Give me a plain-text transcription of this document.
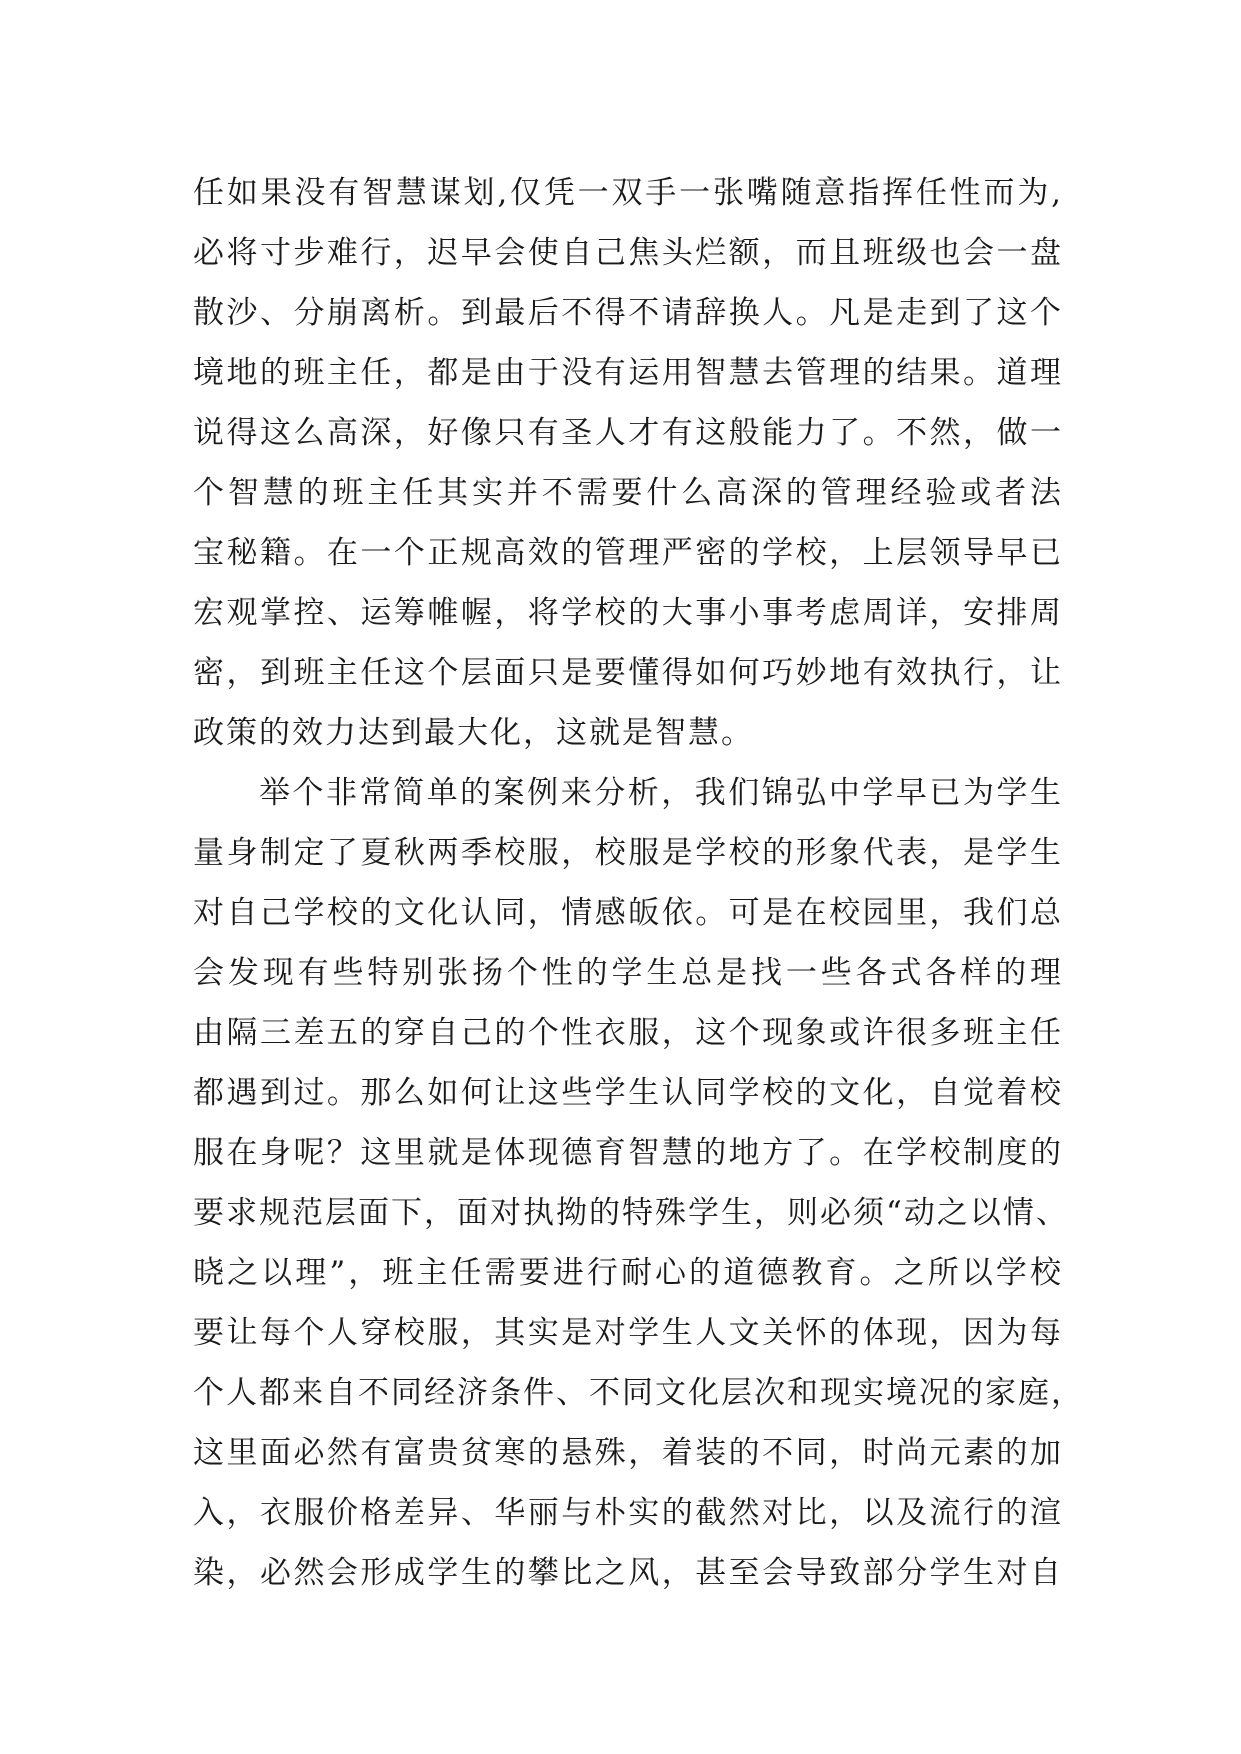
任如果没有智慧谋划,仅凭一双手一张嘴随意指挥任性而为,
必将寸步难行，迟早会使自己焦头烂额，而且班级也会一盘
散沙、分崩离析。到最后不得不请辞换人。凡是走到了这个
境地的班主任，都是由于没有运用智慧去管理的结果。道理
说得这么高深，好像只有圣人才有这般能力了。不然，做一
个智慧的班主任其实并不需要什么高深的管理经验或者法
宝秘籍。在一个正规高效的管理严密的学校，上层领导早已
宏观掌控、运筹帷幄，将学校的大事小事考虑周详，安排周
密，到班主任这个层面只是要懂得如何巧妙地有效执行，让
政策的效力达到最大化，这就是智慧。
举个非常简单的案例来分析，我们锦弘中学早已为学生
量身制定了夏秋两季校服，校服是学校的形象代表，是学生
对自己学校的文化认同，情感皈依。可是在校园里，我们总
会发现有些特别张扬个性的学生总是找一些各式各样的理
由隔三差五的穿自己的个性衣服，这个现象或许很多班主任
都遇到过。那么如何让这些学生认同学校的文化，自觉着校
服在身呢？这里就是体现德育智慧的地方了。在学校制度的
要求规范层面下，面对执拗的特殊学生，则必须“动之以情、
晓之以理”，班主任需要进行耐心的道德教育。之所以学校
要让每个人穿校服，其实是对学生人文关怀的体现，因为每
个人都来自不同经济条件、不同文化层次和现实境况的家庭，
这里面必然有富贵贫寒的悬殊，着装的不同，时尚元素的加
入，衣服价格差异、华丽与朴实的截然对比，以及流行的渲
染，必然会形成学生的攀比之风，甚至会导致部分学生对自
